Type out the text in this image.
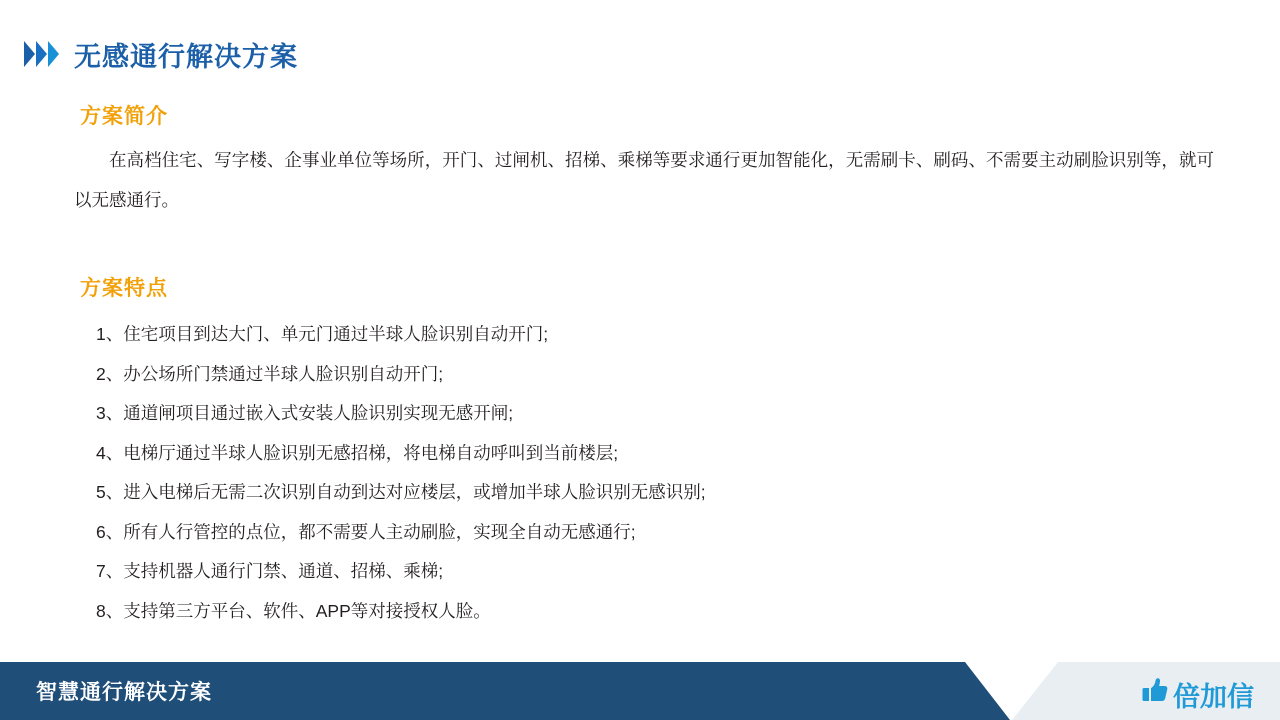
无感通行解决方案
方案简介

在高档住宅、写字楼、企事业单位等场所，开门、过闸机、招梯、乘梯等要求通行更加智能化，无需刷卡、刷码、不需要主动刷脸识别等，就可以无感通行。

方案特点
1、住宅项目到达大门、单元门通过半球人脸识别自动开门;
2、办公场所门禁通过半球人脸识别自动开门;
3、通道闸项目通过嵌入式安装人脸识别实现无感开闸;
4、电梯厅通过半球人脸识别无感招梯，将电梯自动呼叫到当前楼层;
5、进入电梯后无需二次识别自动到达对应楼层，或增加半球人脸识别无感识别;
6、所有人行管控的点位，都不需要人主动刷脸，实现全自动无感通行;
7、支持机器人通行门禁、通道、招梯、乘梯;
8、支持第三方平台、软件、APP等对接授权人脸。
智慧通行解决方案	倍加信
